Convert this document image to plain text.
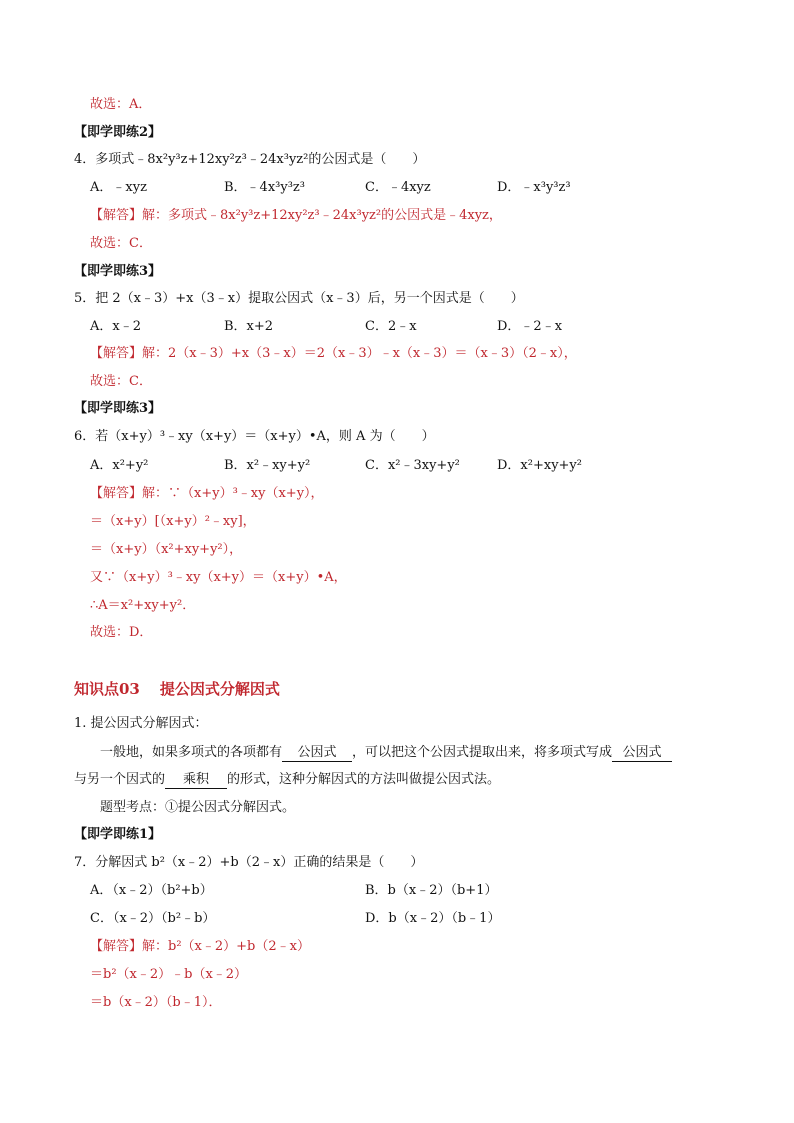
故选：A．
【即学即练2】
4．多项式﹣8x²y³z+12xy²z³﹣24x³yz²的公因式是（　　）
A．﹣xyz	B．﹣4x³y³z³	C．﹣4xyz	D．﹣x³y³z³
【解答】解：多项式﹣8x²y³z+12xy²z³﹣24x³yz²的公因式是﹣4xyz，
故选：C．
【即学即练3】
5．把 2（x﹣3）+x（3﹣x）提取公因式（x﹣3）后，另一个因式是（　　）
A．x﹣2	B．x+2	C．2﹣x	D．﹣2﹣x
【解答】解：2（x﹣3）+x（3﹣x）＝2（x﹣3）﹣x（x﹣3）＝（x﹣3）（2﹣x），
故选：C．
【即学即练3】
6．若（x+y）³﹣xy（x+y）＝（x+y）•A，则 A 为（　　）
A．x²+y²	B．x²﹣xy+y²	C．x²﹣3xy+y²	D．x²+xy+y²
【解答】解：∵（x+y）³﹣xy（x+y），
＝（x+y）[（x+y）²﹣xy]，
＝（x+y）（x²+xy+y²），
又∵（x+y）³﹣xy（x+y）＝（x+y）•A，
∴A＝x²+xy+y²．
故选：D．
知识点03 提公因式分解因式
1. 提公因式分解因式：
一般地，如果多项式的各项都有 公因式 ，可以把这个公因式提取出来，将多项式写成 公因式
与另一个因式的 乘积 的形式，这种分解因式的方法叫做提公因式法。
题型考点：①提公因式分解因式。
【即学即练1】
7．分解因式 b²（x﹣2）+b（2﹣x）正确的结果是（　　）
A．（x﹣2）（b²+b）	B．b（x﹣2）（b+1）
C．（x﹣2）（b²﹣b）	D．b（x﹣2）（b﹣1）
【解答】解：b²（x﹣2）+b（2﹣x）
＝b²（x﹣2）﹣b（x﹣2）
＝b（x﹣2）（b﹣1）．
